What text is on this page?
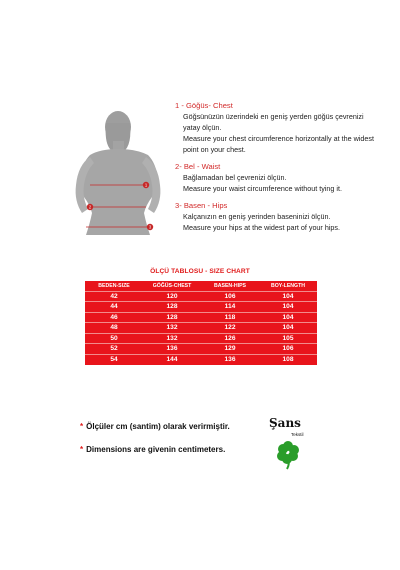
1
2
3
1 - Göğüs- Chest
Göğsünüzün üzerindeki en geniş yerden göğüs çevrenizi yatay ölçün.
Measure your chest circumference horizontally at the widest point on your chest.
2- Bel - Waist
Bağlamadan bel çevrenizi ölçün.
Measure your waist circumference without tying it.
3- Basen - Hips
Kalçanızın en geniş yerinden baseninizi ölçün.
Measure your hips at the widest part of your hips.
ÖLÇÜ TABLOSU - SIZE CHART
BEDEN-SIZE	GÖĞÜS-CHEST	BASEN-HIPS	BOY-LENGTH
42	120	106	104
44	128	114	104
46	128	118	104
48	132	122	104
50	132	126	105
52	136	129	106
54	144	136	108
* Ölçüler cm (santim) olarak verirmiştir.
* Dimensions are givenin centimeters.
Şans
Tekstil
